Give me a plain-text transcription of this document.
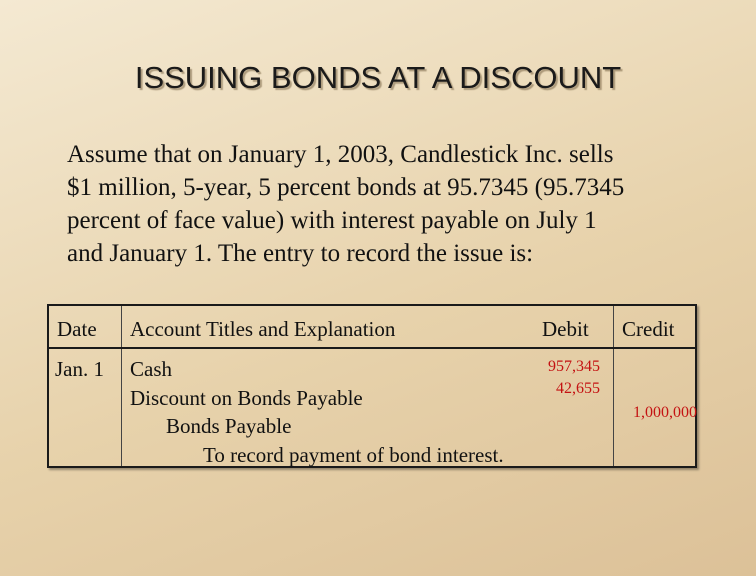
ISSUING BONDS AT A DISCOUNT

Assume that on January 1, 2003, Candlestick Inc. sells
$1 million, 5-year, 5 percent bonds at 95.7345 (95.7345
percent of face value) with interest payable on July 1
and January 1. The entry to record the issue is:

Date Account Titles and Explanation	Debit Credit
Jan. 1 Cash
Discount on Bonds Payable
Bonds Payable
To record payment of bond interest.
957,345
42,655
1,000,000
